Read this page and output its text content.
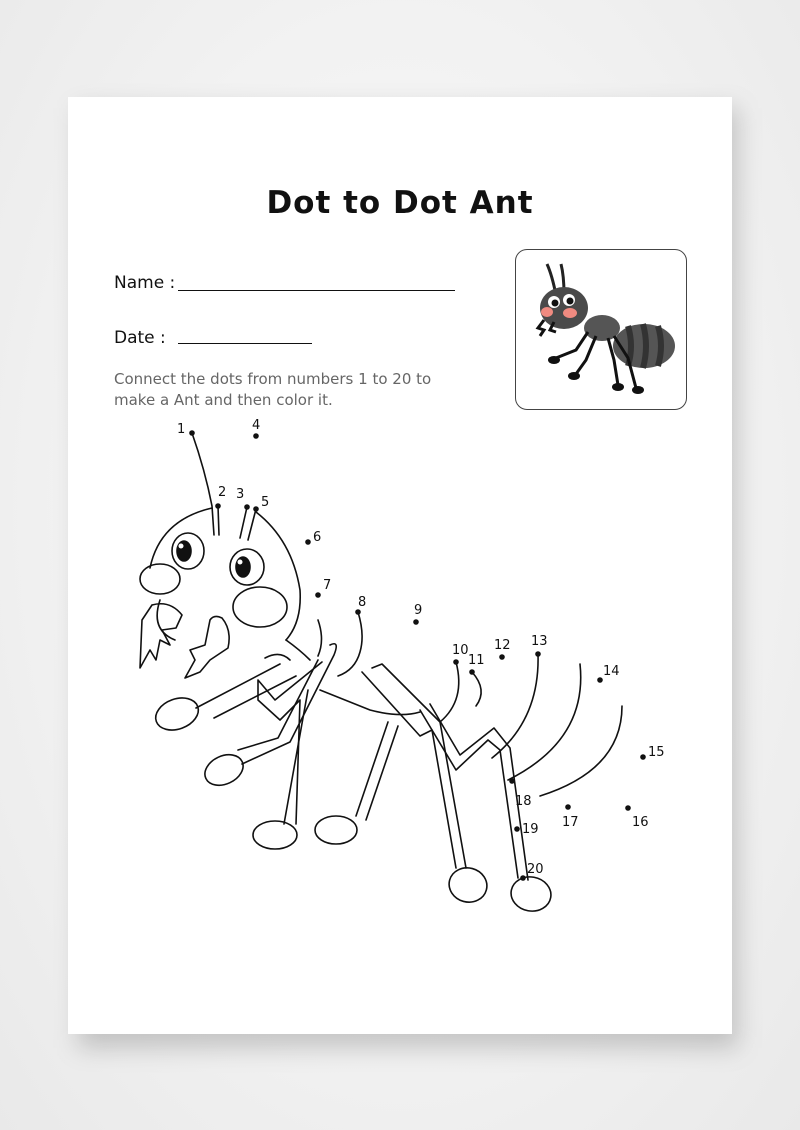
Dot to Dot Ant
Name :
Date :
Connect the dots from numbers 1 to 20 to make a Ant and then color it.
1
2 3
4
5
6
7
8
9
10
11
12 13
14
15
16
17
18
19
20
